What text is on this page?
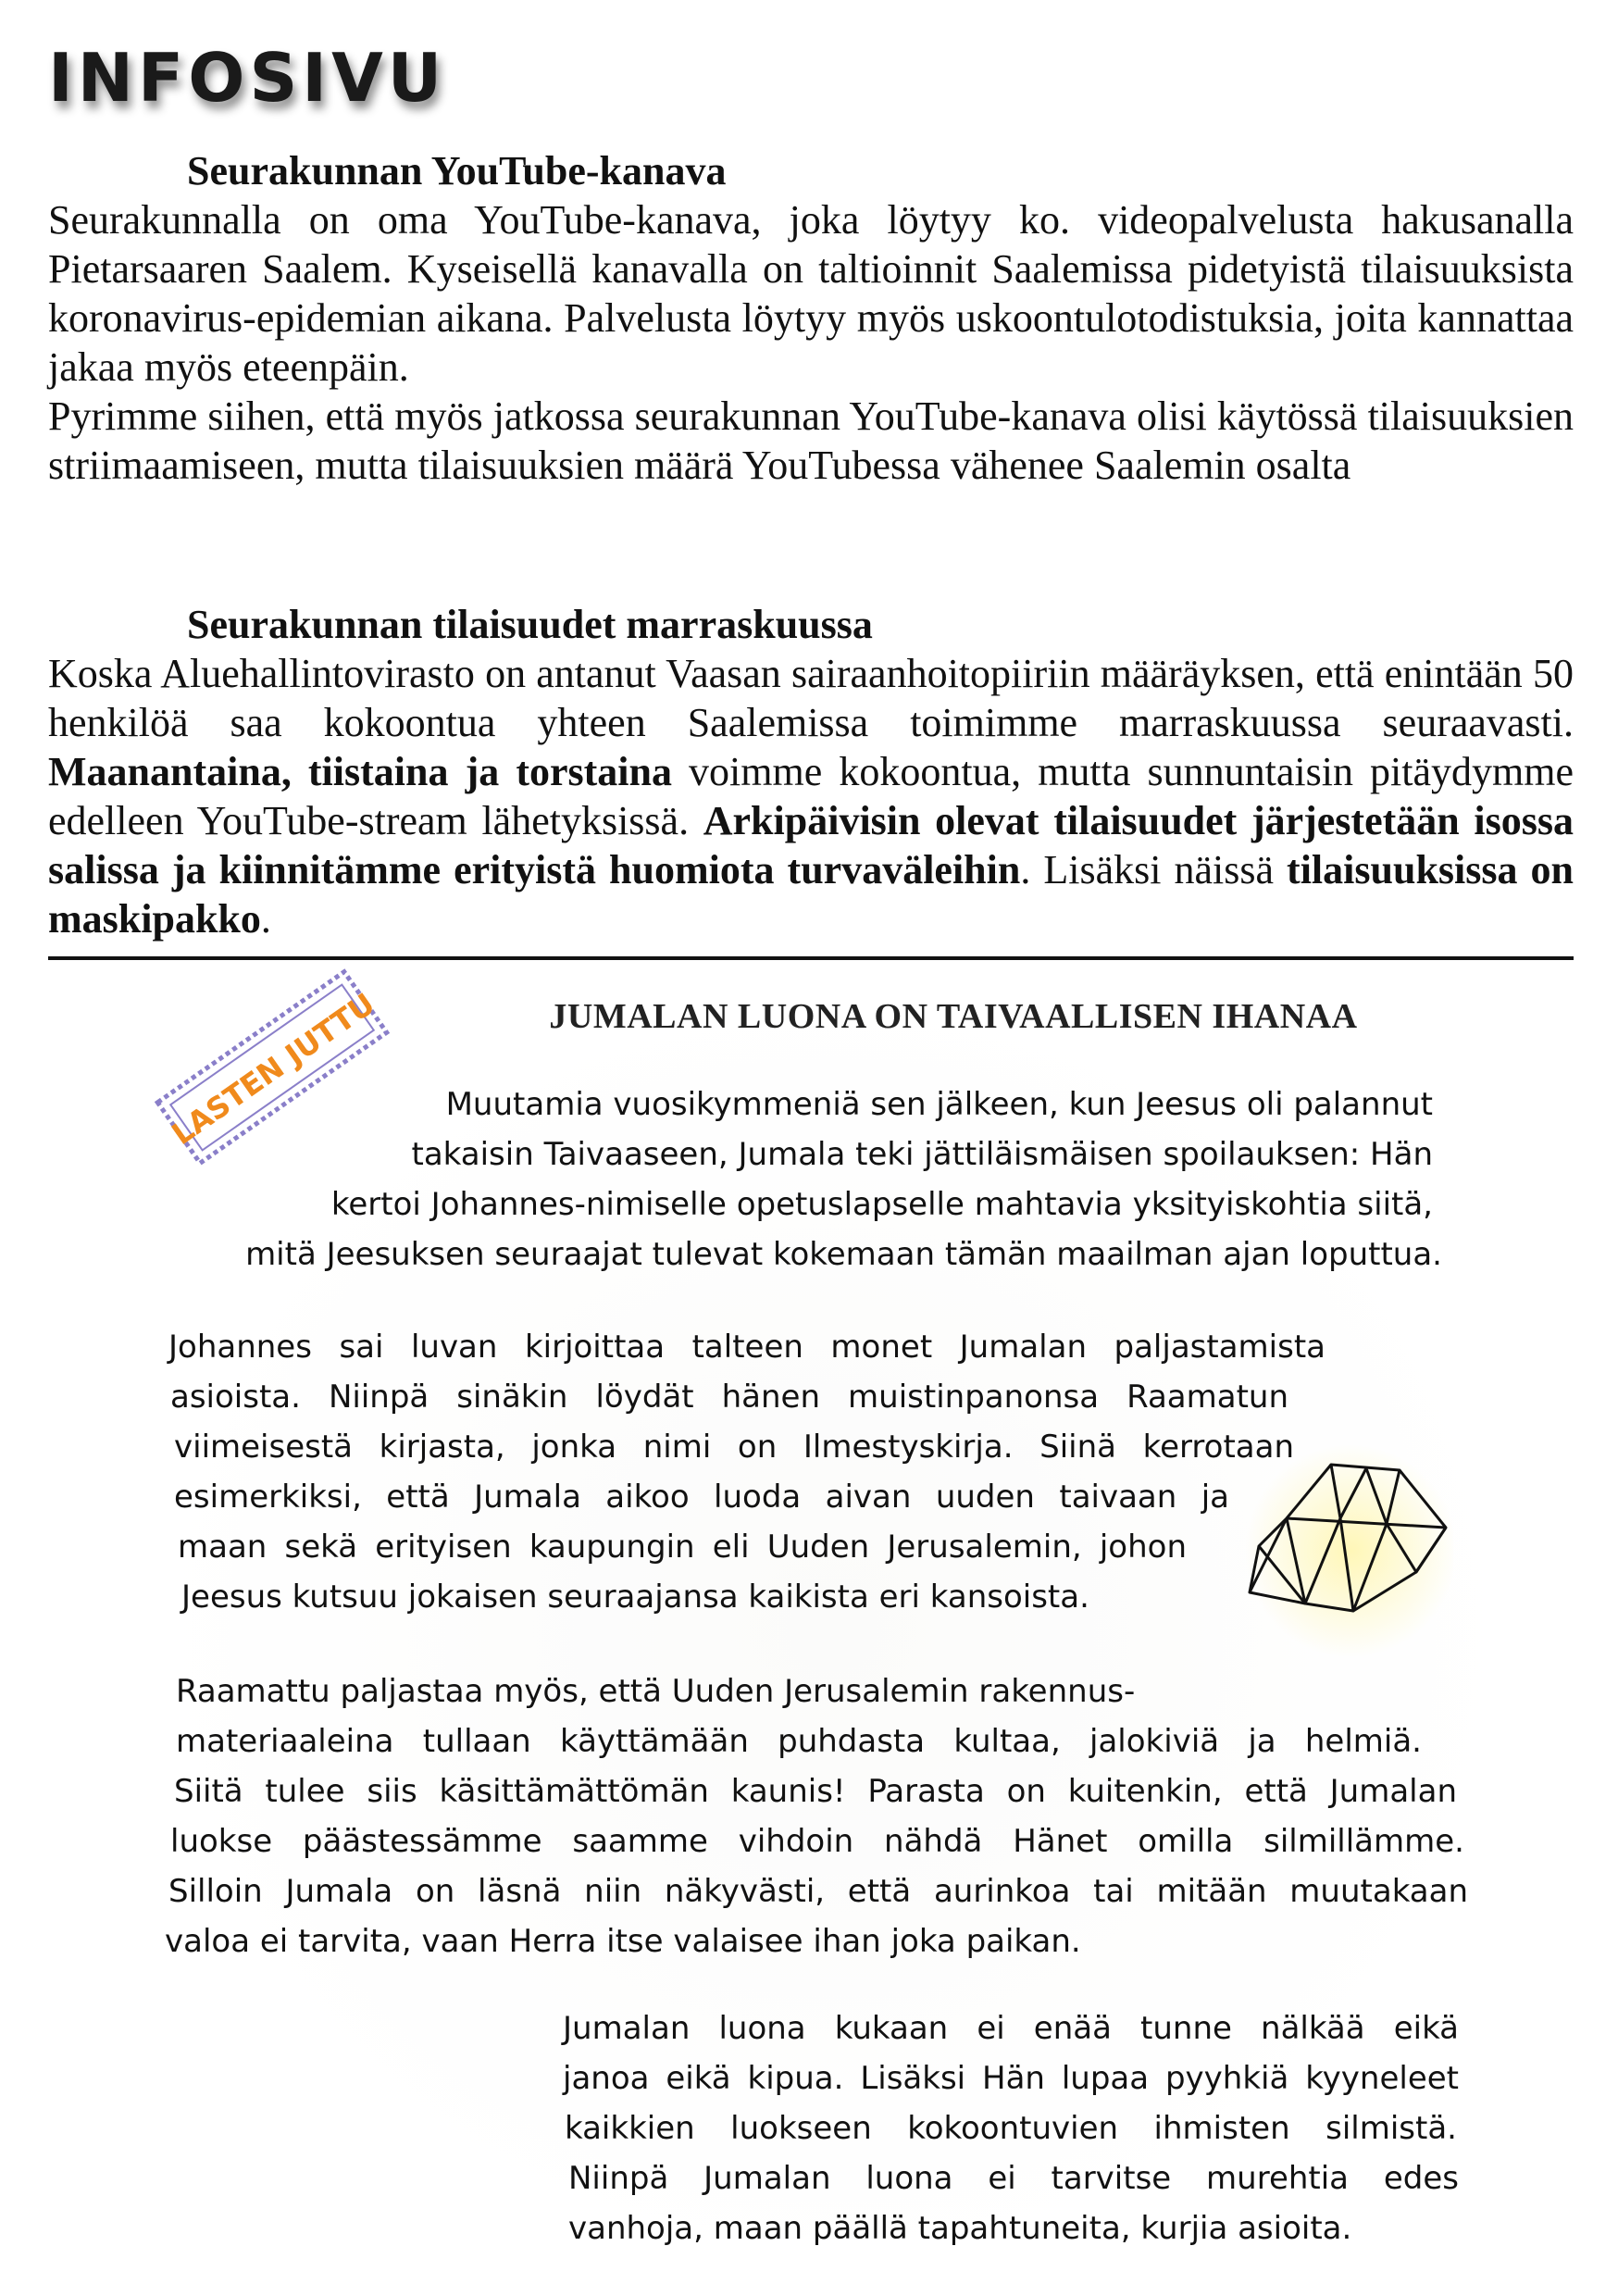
INFOSIVU
Seurakunnan YouTube-kanava

Seurakunnalla on oma YouTube-kanava, joka löytyy ko. videopalvelusta hakusanalla Pietarsaaren Saalem. Kyseisellä kanavalla on taltioinnit Saalemissa pidetyistä tilaisuuksista koronavirus-epidemian aikana. Palvelusta löytyy myös uskoontulotodistuksia, joita kannattaa jakaa myös eteenpäin.

Pyrimme siihen, että myös jatkossa seurakunnan YouTube-kanava olisi käytössä tilaisuuksien striimaamiseen, mutta tilaisuuksien määrä YouTubessa vähenee Saalemin osalta

Seurakunnan tilaisuudet marraskuussa

Koska Aluehallintovirasto on antanut Vaasan sairaanhoitopiiriin määräyksen, että enintään 50 henkilöä saa kokoontua yhteen Saalemissa toimimme marraskuussa seuraavasti. Maanantaina, tiistaina ja torstaina voimme kokoontua, mutta sunnuntaisin pitäydymme edelleen YouTube-stream lähetyksissä. Arkipäivisin olevat tilaisuudet järjestetään isossa salissa ja kiinnitämme erityistä huomiota turvaväleihin. Lisäksi näissä tilaisuuksissa on maskipakko.

LASTEN JUTTU	JUMALAN LUONA ON TAIVAALLISEN IHANAA

Muutamia vuosikymmeniä sen jälkeen, kun Jeesus oli palannut

takaisin Taivaaseen, Jumala teki jättiläismäisen spoilauksen: Hän

kertoi Johannes-nimiselle opetuslapselle mahtavia yksityiskohtia siitä,

mitä Jeesuksen seuraajat tulevat kokemaan tämän maailman ajan loputtua.

Johannes sai luvan kirjoittaa talteen monet Jumalan paljastamista

asioista. Niinpä sinäkin löydät hänen muistinpanonsa Raamatun

viimeisestä kirjasta, jonka nimi on Ilmestyskirja. Siinä kerrotaan

esimerkiksi, että Jumala aikoo luoda aivan uuden taivaan ja

maan sekä erityisen kaupungin eli Uuden Jerusalemin, johon

Jeesus kutsuu jokaisen seuraajansa kaikista eri kansoista.

Raamattu paljastaa myös, että Uuden Jerusalemin rakennus-

materiaaleina tullaan käyttämään puhdasta kultaa, jalokiviä ja helmiä.

Siitä tulee siis käsittämättömän kaunis! Parasta on kuitenkin, että Jumalan

luokse päästessämme saamme vihdoin nähdä Hänet omilla silmillämme.

Silloin Jumala on läsnä niin näkyvästi, että aurinkoa tai mitään muutakaan

valoa ei tarvita, vaan Herra itse valaisee ihan joka paikan.

Jumalan luona kukaan ei enää tunne nälkää eikä

janoa eikä kipua. Lisäksi Hän lupaa pyyhkiä kyyneleet

kaikkien luokseen kokoontuvien ihmisten silmistä.

Niinpä Jumalan luona ei tarvitse murehtia edes

vanhoja, maan päällä tapahtuneita, kurjia asioita.
